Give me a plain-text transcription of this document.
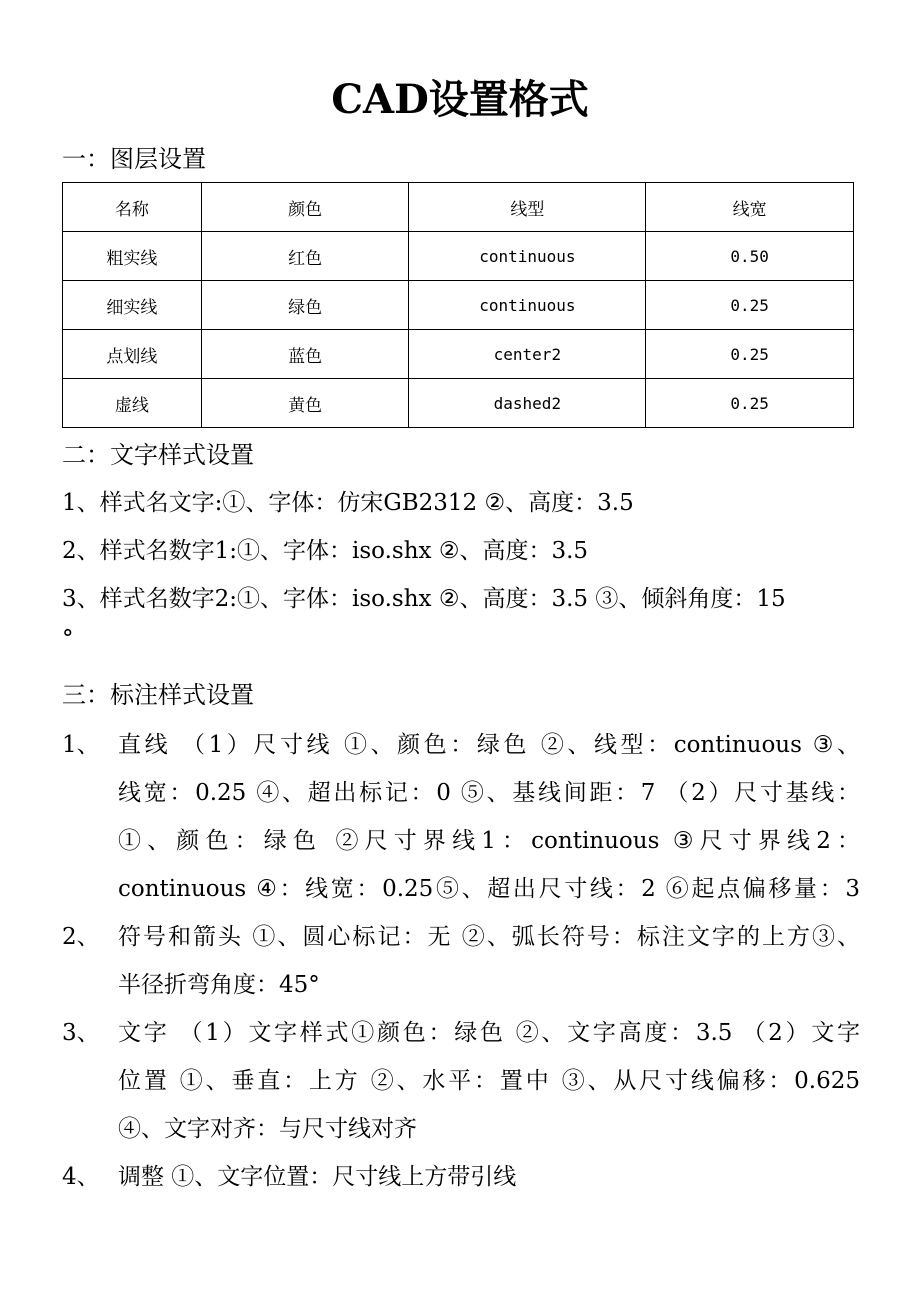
CAD设置格式
一：图层设置
名称	颜色	线型	线宽
粗实线	红色	continuous	0.50
细实线	绿色	continuous	0.25
点划线	蓝色	center2	0.25
虚线	黄色	dashed2	0.25
二：文字样式设置
1、样式名文字:①、字体：仿宋GB2312 ②、高度：3.5
2、样式名数字1:①、字体：iso.shx ②、高度：3.5
3、样式名数字2:①、字体：iso.shx ②、高度：3.5 ③、倾斜角度：15
°
三：标注样式设置
1、 直线 （1）尺寸线 ①、颜色：绿色 ②、线型：continuous ③、
线宽：0.25 ④、超出标记：0 ⑤、基线间距：7 （2）尺寸基线：
①、颜色：绿色 ②尺寸界线1：continuous ③尺寸界线2：
continuous ④：线宽：0.25⑤、超出尺寸线：2 ⑥起点偏移量：3
2、 符号和箭头 ①、圆心标记：无 ②、弧长符号：标注文字的上方③、
半径折弯角度：45°
3、 文字 （1）文字样式①颜色：绿色 ②、文字高度：3.5 （2）文字
位置 ①、垂直：上方 ②、水平：置中 ③、从尺寸线偏移：0.625
④、文字对齐：与尺寸线对齐
4、 调整 ①、文字位置：尺寸线上方带引线
